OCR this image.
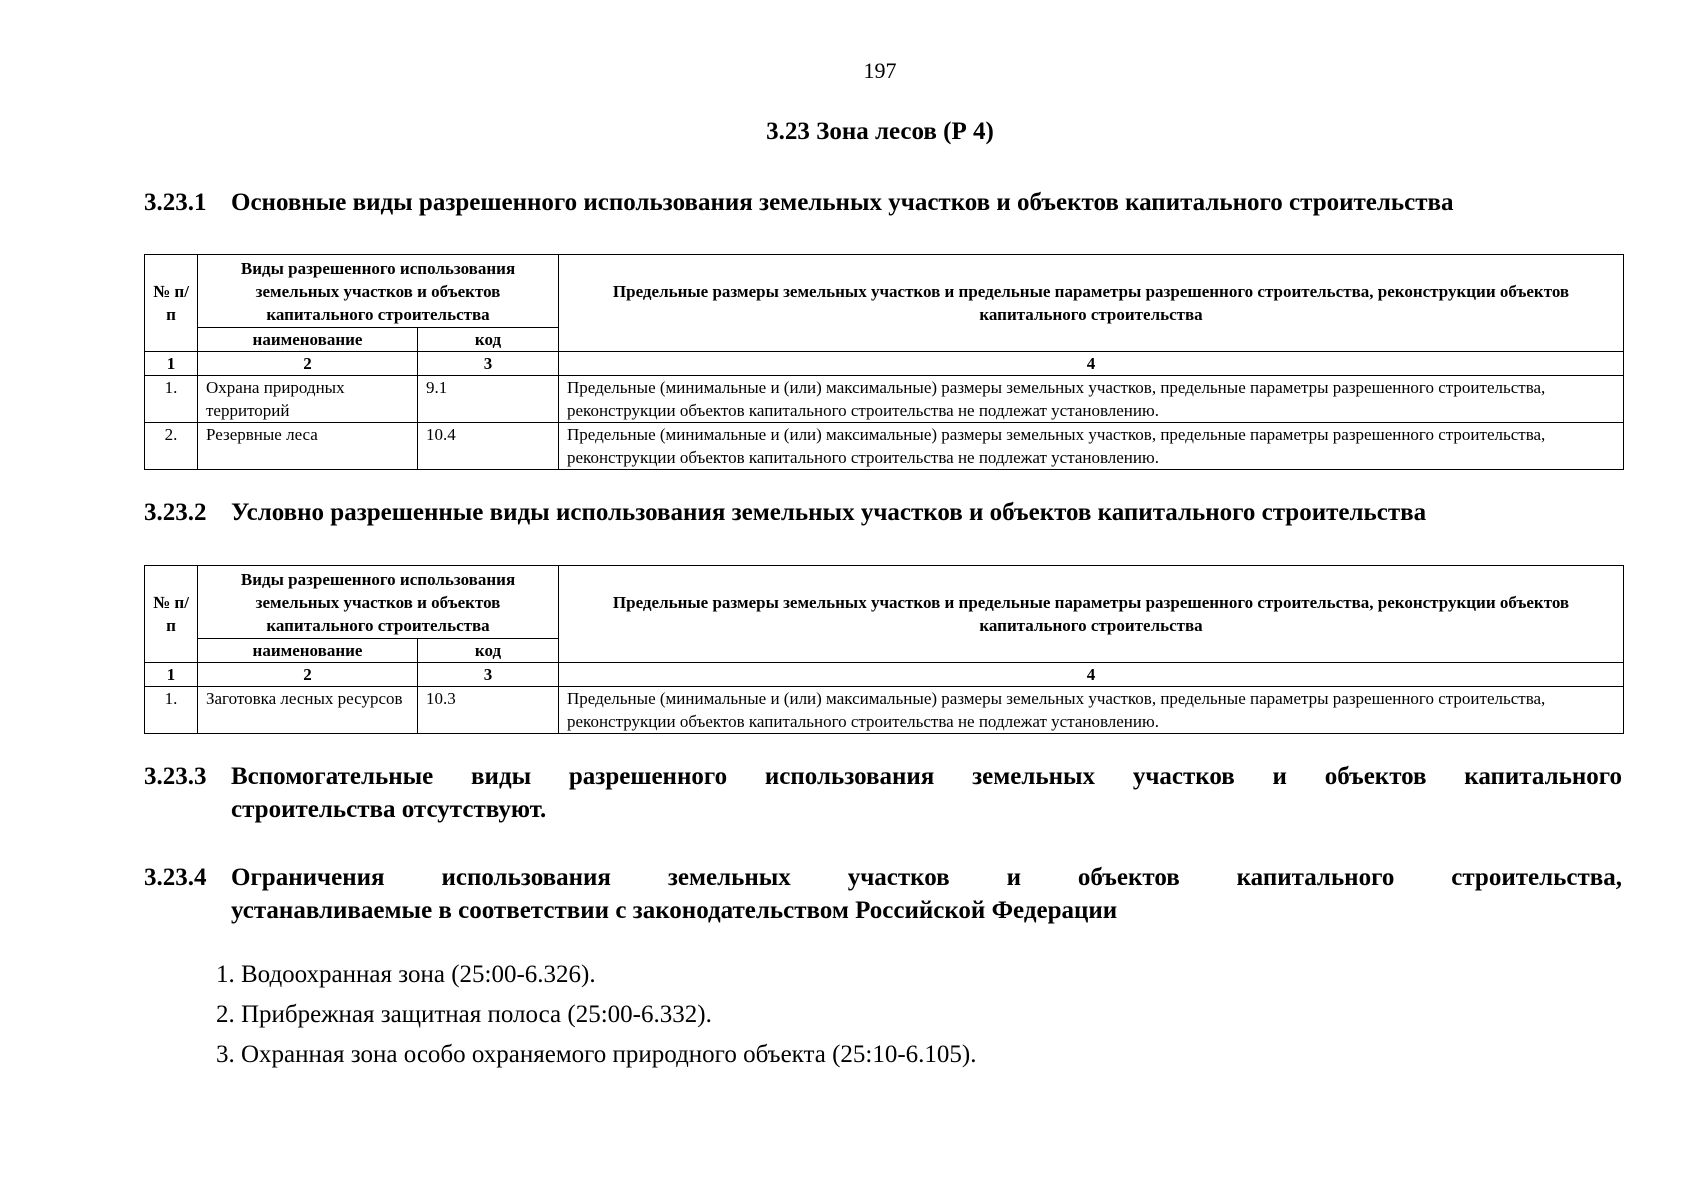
197
3.23 Зона лесов (Р 4)
3.23.1 Основные виды разрешенного использования земельных участков и объектов капитального строительства
№ п/п	Виды разрешенного использования земельных участков и объектов капитального строительства		Предельные размеры земельных участков и предельные параметры разрешенного строительства, реконструкции объектов капитального строительства
	наименование	код	
1	2	3	4
1.	Охрана природных территорий	9.1	Предельные (минимальные и (или) максимальные) размеры земельных участков, предельные параметры разрешенного строительства, реконструкции объектов капитального строительства не подлежат установлению.
2.	Резервные леса	10.4	Предельные (минимальные и (или) максимальные) размеры земельных участков, предельные параметры разрешенного строительства, реконструкции объектов капитального строительства не подлежат установлению.
3.23.2 Условно разрешенные виды использования земельных участков и объектов капитального строительства
№ п/п	Виды разрешенного использования земельных участков и объектов капитального строительства		Предельные размеры земельных участков и предельные параметры разрешенного строительства, реконструкции объектов капитального строительства
	наименование	код	
1	2	3	4
1.	Заготовка лесных ресурсов	10.3	Предельные (минимальные и (или) максимальные) размеры земельных участков, предельные параметры разрешенного строительства, реконструкции объектов капитального строительства не подлежат установлению.
3.23.3 Вспомогательные виды разрешенного использования земельных участков и объектов капитального
строительства отсутствуют.
3.23.4 Ограничения использования земельных участков и объектов капитального строительства,
устанавливаемые в соответствии с законодательством Российской Федерации
1. Водоохранная зона (25:00-6.326).
2. Прибрежная защитная полоса (25:00-6.332).
3. Охранная зона особо охраняемого природного объекта (25:10-6.105).
